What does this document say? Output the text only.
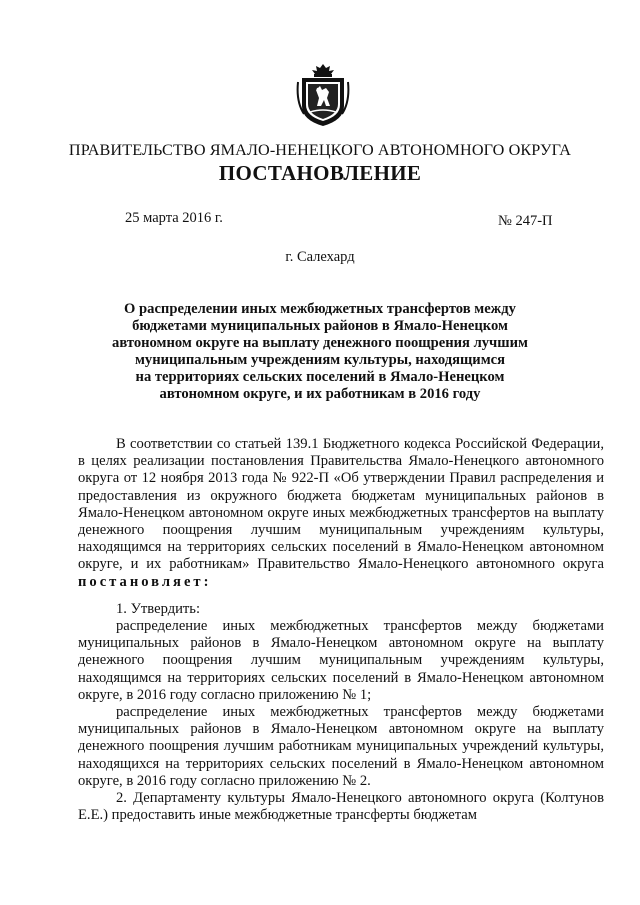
ПРАВИТЕЛЬСТВО ЯМАЛО-НЕНЕЦКОГО АВТОНОМНОГО ОКРУГА
ПОСТАНОВЛЕНИЕ
25 марта 2016 г.	№ 247-П
г. Салехард
О распределении иных межбюджетных трансфертов между
бюджетами муниципальных районов в Ямало-Ненецком
автономном округе на выплату денежного поощрения лучшим
муниципальным учреждениям культуры, находящимся
на территориях сельских поселений в Ямало-Ненецком
автономном округе, и их работникам в 2016 году

В соответствии со статьей 139.1 Бюджетного кодекса Российской Федерации, в целях реализации постановления Правительства Ямало-Ненецкого автономного округа от 12 ноября 2013 года № 922-П «Об утверждении Правил распределения и предоставления из окружного бюджета бюджетам муниципальных районов в Ямало-Ненецком автономном округе иных межбюджетных трансфертов на выплату денежного поощрения лучшим муниципальным учреждениям культуры, находящимся на территориях сельских поселений в Ямало-Ненецком автономном округе, и их работникам» Правительство Ямало-Ненецкого автономного округа постановляет:

1. Утвердить:

распределение иных межбюджетных трансфертов между бюджетами муниципальных районов в Ямало-Ненецком автономном округе на выплату денежного поощрения лучшим муниципальным учреждениям культуры, находящимся на территориях сельских поселений в Ямало-Ненецком автономном округе, в 2016 году согласно приложению № 1;

распределение иных межбюджетных трансфертов между бюджетами муниципальных районов в Ямало-Ненецком автономном округе на выплату денежного поощрения лучшим работникам муниципальных учреждений культуры, находящихся на территориях сельских поселений в Ямало-Ненецком автономном округе, в 2016 году согласно приложению № 2.

2. Департаменту культуры Ямало-Ненецкого автономного округа (Колтунов Е.Е.) предоставить иные межбюджетные трансферты бюджетам
